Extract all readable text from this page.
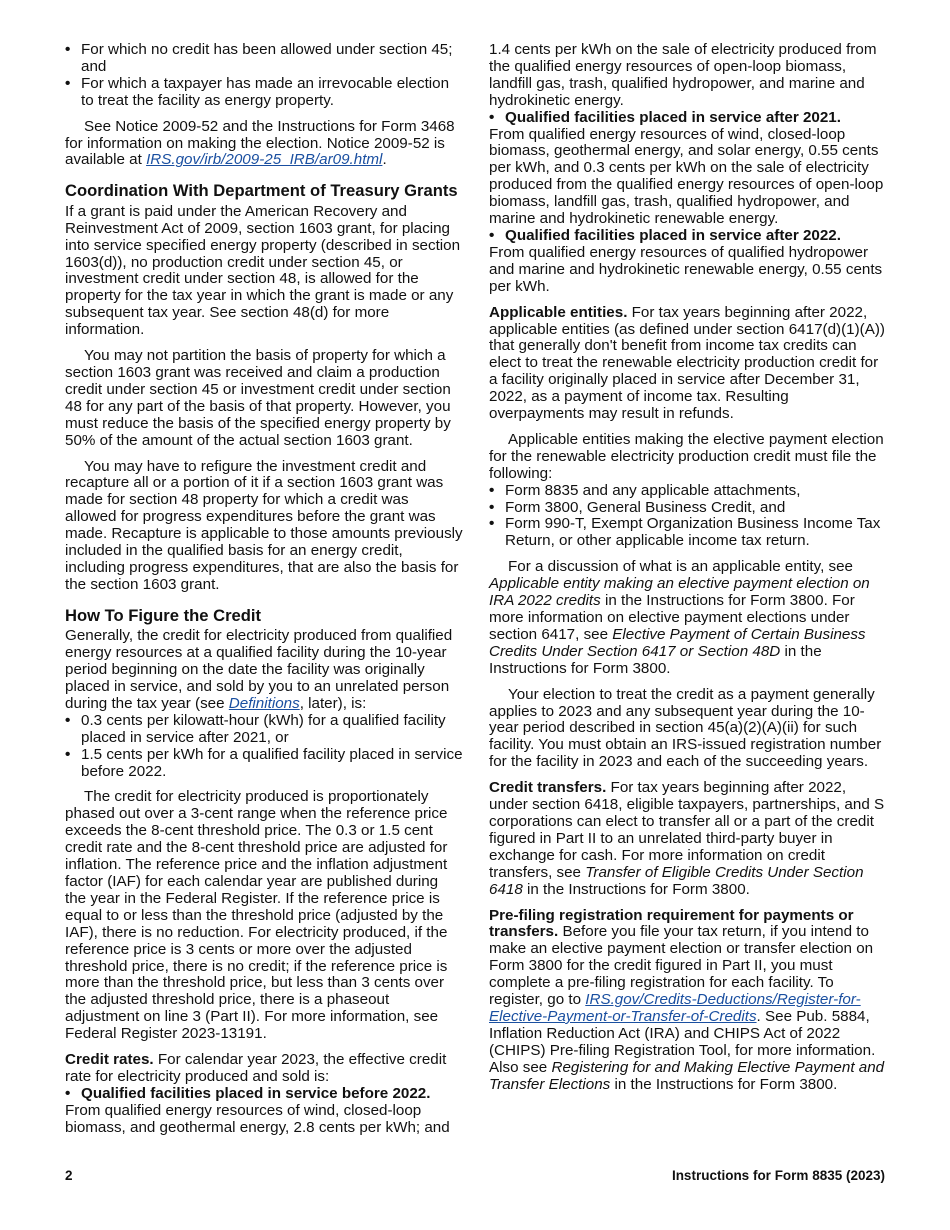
• For which no credit has been allowed under section 45; and

• For which a taxpayer has made an irrevocable election to treat the facility as energy property.

See Notice 2009-52 and the Instructions for Form 3468 for information on making the election. Notice 2009-52 is available at IRS.gov/irb/2009-25_IRB/ar09.html.

Coordination With Department of Treasury Grants

If a grant is paid under the American Recovery and Reinvestment Act of 2009, section 1603 grant, for placing into service specified energy property (described in section 1603(d)), no production credit under section 45, or investment credit under section 48, is allowed for the property for the tax year in which the grant is made or any subsequent tax year. See section 48(d) for more information.

You may not partition the basis of property for which a section 1603 grant was received and claim a production credit under section 45 or investment credit under section 48 for any part of the basis of that property. However, you must reduce the basis of the specified energy property by 50% of the amount of the actual section 1603 grant.

You may have to refigure the investment credit and recapture all or a portion of it if a section 1603 grant was made for section 48 property for which a credit was allowed for progress expenditures before the grant was made. Recapture is applicable to those amounts previously included in the qualified basis for an energy credit, including progress expenditures, that are also the basis for the section 1603 grant.

How To Figure the Credit

Generally, the credit for electricity produced from qualified energy resources at a qualified facility during the 10-year period beginning on the date the facility was originally placed in service, and sold by you to an unrelated person during the tax year (see Definitions, later), is:

• 0.3 cents per kilowatt-hour (kWh) for a qualified facility placed in service after 2021, or

• 1.5 cents per kWh for a qualified facility placed in service before 2022.

The credit for electricity produced is proportionately phased out over a 3-cent range when the reference price exceeds the 8-cent threshold price. The 0.3 or 1.5 cent credit rate and the 8-cent threshold price are adjusted for inflation. The reference price and the inflation adjustment factor (IAF) for each calendar year are published during the year in the Federal Register. If the reference price is equal to or less than the threshold price (adjusted by the IAF), there is no reduction. For electricity produced, if the reference price is 3 cents or more over the adjusted threshold price, there is no credit; if the reference price is more than the threshold price, but less than 3 cents over the adjusted threshold price, there is a phaseout adjustment on line 3 (Part II). For more information, see Federal Register 2023-13191.

Credit rates. For calendar year 2023, the effective credit rate for electricity produced and sold is:

• Qualified facilities placed in service before 2022.

From qualified energy resources of wind, closed-loop biomass, and geothermal energy, 2.8 cents per kWh; and

1.4 cents per kWh on the sale of electricity produced from the qualified energy resources of open-loop biomass, landfill gas, trash, qualified hydropower, and marine and hydrokinetic energy.

• Qualified facilities placed in service after 2021.

From qualified energy resources of wind, closed-loop biomass, geothermal energy, and solar energy, 0.55 cents per kWh, and 0.3 cents per kWh on the sale of electricity produced from the qualified energy resources of open-loop biomass, landfill gas, trash, qualified hydropower, and marine and hydrokinetic renewable energy.

• Qualified facilities placed in service after 2022.

From qualified energy resources of qualified hydropower and marine and hydrokinetic renewable energy, 0.55 cents per kWh.

Applicable entities. For tax years beginning after 2022, applicable entities (as defined under section 6417(d)(1)(A)) that generally don't benefit from income tax credits can elect to treat the renewable electricity production credit for a facility originally placed in service after December 31, 2022, as a payment of income tax. Resulting overpayments may result in refunds.

Applicable entities making the elective payment election for the renewable electricity production credit must file the following:

• Form 8835 and any applicable attachments,

• Form 3800, General Business Credit, and

• Form 990-T, Exempt Organization Business Income Tax Return, or other applicable income tax return.

For a discussion of what is an applicable entity, see Applicable entity making an elective payment election on IRA 2022 credits in the Instructions for Form 3800. For more information on elective payment elections under section 6417, see Elective Payment of Certain Business Credits Under Section 6417 or Section 48D in the Instructions for Form 3800.

Your election to treat the credit as a payment generally applies to 2023 and any subsequent year during the 10-year period described in section 45(a)(2)(A)(ii) for such facility. You must obtain an IRS-issued registration number for the facility in 2023 and each of the succeeding years.

Credit transfers. For tax years beginning after 2022, under section 6418, eligible taxpayers, partnerships, and S corporations can elect to transfer all or a part of the credit figured in Part II to an unrelated third-party buyer in exchange for cash. For more information on credit transfers, see Transfer of Eligible Credits Under Section 6418 in the Instructions for Form 3800.

Pre-filing registration requirement for payments or transfers. Before you file your tax return, if you intend to make an elective payment election or transfer election on Form 3800 for the credit figured in Part II, you must complete a pre-filing registration for each facility. To register, go to IRS.gov/Credits-Deductions/Register-for-Elective-Payment-or-Transfer-of-Credits. See Pub. 5884, Inflation Reduction Act (IRA) and CHIPS Act of 2022 (CHIPS) Pre-filing Registration Tool, for more information. Also see Registering for and Making Elective Payment and Transfer Elections in the Instructions for Form 3800.

2	Instructions for Form 8835 (2023)
